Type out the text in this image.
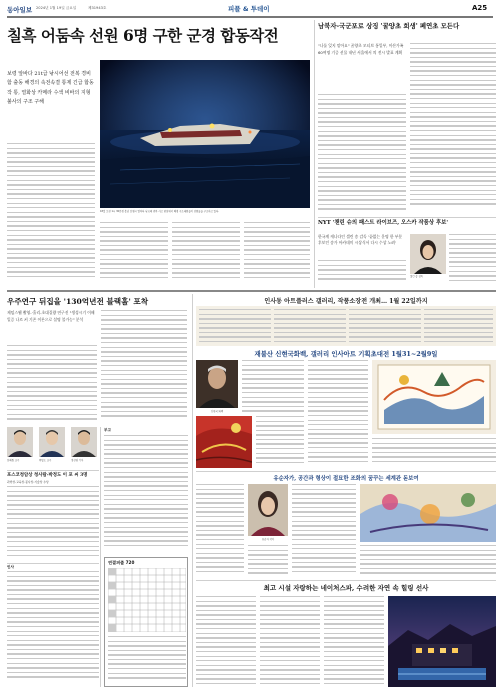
동아일보 2024년 1월 19일 금요일	제31943호	피플 & 투데이	A25
칠흑 어둠속 선원 6명 구한 군경 합동작전
보령 앞바다 21t급 낚시어선 전복 경비함 출동 해경의 속전속결 통제 긴급 합동작 통, 열화상 카메라 수색 비바의 지형 불사의 구조 구해
18일 오전 1시 30분경 충남 보령시 앞바다 낚싯배 전복 사고 현장에서 해경 구조대원들이 선원들을 구조하고 있다.
남북자-국군포로 상징 '꿀양초 희생' 폐연초 모든다
"나를 잊지 말아요" 꿀양초 모티브 통일부, 이산가족 60여명 기증 선물 내년 서울에서 의 전시 발표 계획
NYT '챈린 슈의 패스트 라이브즈, 오스카 작품상 후보'
한국계 캐나다인 셀린 송 감독 '끝없는 운명 한 부분 후보인 송가 아카데미 시상식서 다시 수상 노려'
셀린 송 감독
우주연구 뒤집을 '130억년전 블랙홀' 포착
제임스웹 촬영-·홀리-초대질량 연구진 "생성시기 이해 일증 나르 커 기존 이론으로 설명 불가능" 분석
한혜원 교수	박형도 교수	정진영 기자
포스코청암상 청사람-박정도 이 포 씨 3명
과학상-교육상-봉사상-기술상 수상
인사
부고
연결퍼즐 720
인사동 아트플러스 갤러리, 작품소장전 개최… 1월 22일까지
재불산 신현국화백, 갤러리 인사아트 기획초대전 1월31~2월9일
신현국 화백
유순자가, 공간과 형상이 절묘한 조화의 꿈꾸는 세계관 돋보여
유순자 작가
최고 시설 자랑하는 네이처스파, 수려한 자연 속 힐링 선사
